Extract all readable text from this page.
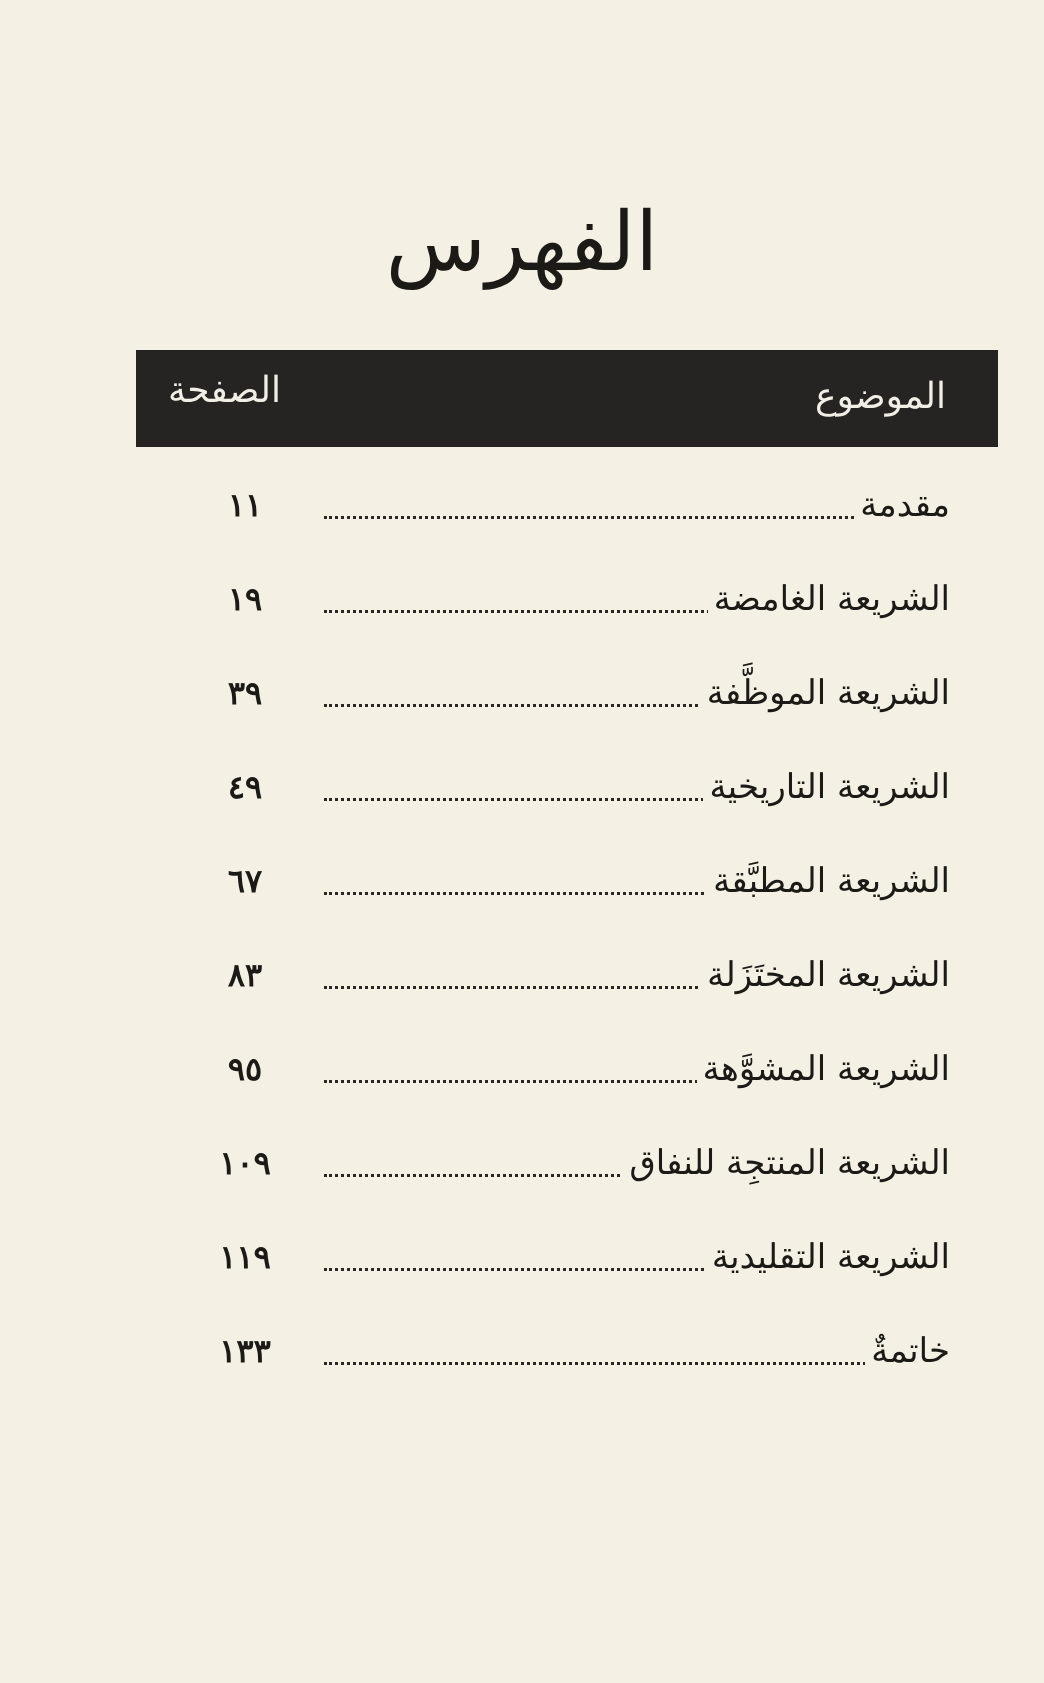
الفهرس
الموضوع
الصفحة
مقدمة
١١
الشريعة الغامضة
١٩
الشريعة الموظَّفة
٣٩
الشريعة التاريخية
٤٩
الشريعة المطبَّقة
٦٧
الشريعة المختَزَلة
٨٣
الشريعة المشوَّهة
٩٥
الشريعة المنتجِة للنفاق
١٠٩
الشريعة التقليدية
١١٩
خاتمةٌ
١٣٣
